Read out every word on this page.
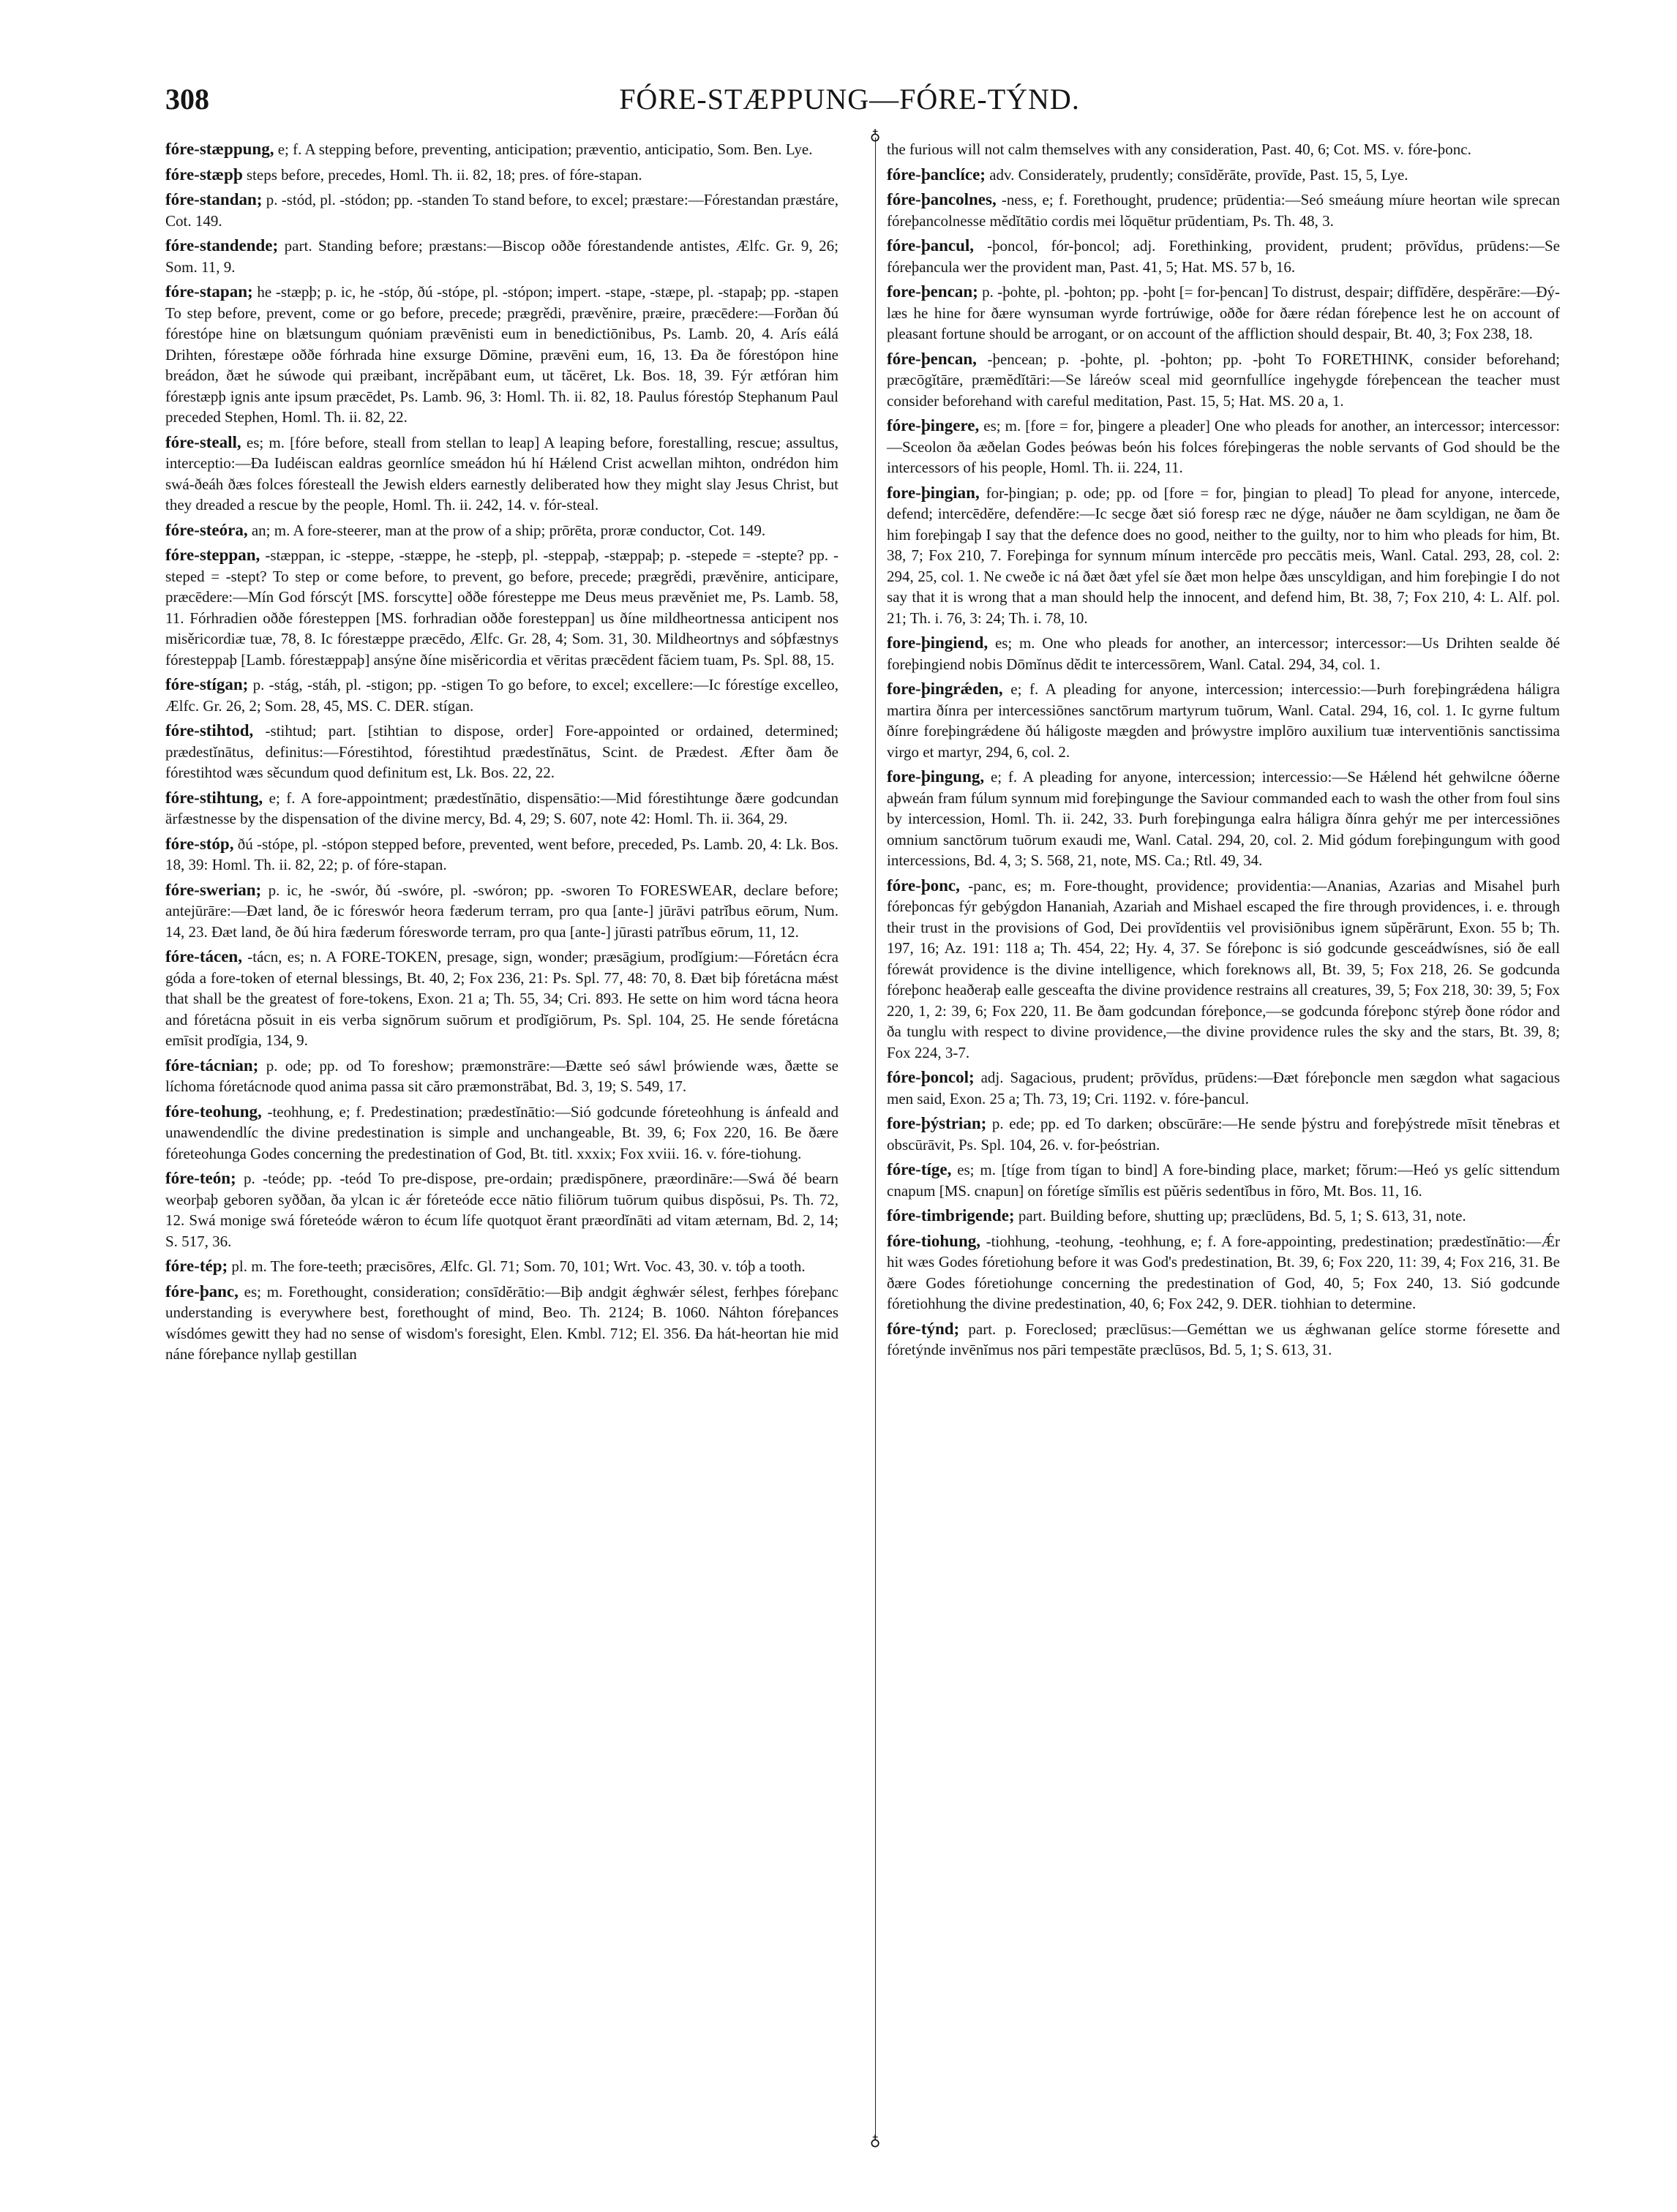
308	FÓRE-STÆPPUNG—FÓRE-TÝND.
♁
♁

fóre-stæppung, e; f. A stepping before, preventing, anticipation; præventio, anticipatio, Som. Ben. Lye.

fóre-stæpþ steps before, precedes, Homl. Th. ii. 82, 18; pres. of fóre-stapan.

fóre-standan; p. -stód, pl. -stódon; pp. -standen To stand before, to excel; præstare:—Fórestandan præstáre, Cot. 149.

fóre-standende; part. Standing before; præstans:—Biscop oððe fórestandende antistes, Ælfc. Gr. 9, 26; Som. 11, 9.

fóre-stapan; he -stæpþ; p. ic, he -stóp, ðú -stópe, pl. -stópon; impert. -stape, -stæpe, pl. -stapaþ; pp. -stapen To step before, prevent, come or go before, precede; prægrědi, prævěnire, præire, præcēdere:—Forðan ðú fórestópe hine on blætsungum quóniam prævēnisti eum in benedictiōnibus, Ps. Lamb. 20, 4. Arís eálá Drihten, fórestæpe oððe fórhrada hine exsurge Dōmine, prævēni eum, 16, 13. Ða ðe fórestópon hine breádon, ðæt he súwode qui præibant, incrěpābant eum, ut tăcēret, Lk. Bos. 18, 39. Fýr ætfóran him fórestæpþ ignis ante ipsum præcēdet, Ps. Lamb. 96, 3: Homl. Th. ii. 82, 18. Paulus fórestóp Stephanum Paul preceded Stephen, Homl. Th. ii. 82, 22.

fóre-steall, es; m. [fóre before, steall from stellan to leap] A leaping before, forestalling, rescue; assultus, interceptio:—Ða Iudéiscan ealdras geornlíce smeádon hú hí Hǽlend Crist acwellan mihton, ondrédon him swá-ðeáh ðæs folces fóresteall the Jewish elders earnestly deliberated how they might slay Jesus Christ, but they dreaded a rescue by the people, Homl. Th. ii. 242, 14. v. fór-steal.

fóre-steóra, an; m. A fore-steerer, man at the prow of a ship; prōrēta, proræ conductor, Cot. 149.

fóre-steppan, -stæppan, ic -steppe, -stæppe, he -stepþ, pl. -steppaþ, -stæppaþ; p. -stepede = -stepte? pp. -steped = -stept? To step or come before, to prevent, go before, precede; prægrědi, prævěnire, anticipare, præcēdere:—Mín God fórscýt [MS. forscytte] oððe fóresteppe me Deus meus prævěniet me, Ps. Lamb. 58, 11. Fórhradien oððe fóresteppen [MS. forhradian oððe foresteppan] us ðíne mildheortnessa anticipent nos misěricordiæ tuæ, 78, 8. Ic fórestæppe præcēdo, Ælfc. Gr. 28, 4; Som. 31, 30. Mildheortnys and sóþfæstnys fóresteppaþ [Lamb. fórestæppaþ] ansýne ðíne misěricordia et vēritas præcēdent făciem tuam, Ps. Spl. 88, 15.

fóre-stígan; p. -stág, -stáh, pl. -stigon; pp. -stigen To go before, to excel; excellere:—Ic fórestíge excelleo, Ælfc. Gr. 26, 2; Som. 28, 45, MS. C. DER. stígan.

fóre-stihtod, -stihtud; part. [stihtian to dispose, order] Fore-appointed or ordained, determined; prædestĭnātus, definitus:—Fórestihtod, fórestihtud prædestĭnātus, Scint. de Prædest. Æfter ðam ðe fórestihtod wæs sěcundum quod definitum est, Lk. Bos. 22, 22.

fóre-stihtung, e; f. A fore-appointment; prædestĭnātio, dispensātio:—Mid fórestihtunge ðære godcundan ärfæstnesse by the dispensation of the divine mercy, Bd. 4, 29; S. 607, note 42: Homl. Th. ii. 364, 29.

fóre-stóp, ðú -stópe, pl. -stópon stepped before, prevented, went before, preceded, Ps. Lamb. 20, 4: Lk. Bos. 18, 39: Homl. Th. ii. 82, 22; p. of fóre-stapan.

fóre-swerian; p. ic, he -swór, ðú -swóre, pl. -swóron; pp. -sworen To FORESWEAR, declare before; antejūrāre:—Ðæt land, ðe ic fóreswór heora fæderum terram, pro qua [ante-] jūrāvi patrĭbus eōrum, Num. 14, 23. Ðæt land, ðe ðú hira fæderum fóresworde terram, pro qua [ante-] jūrasti patrĭbus eōrum, 11, 12.

fóre-tácen, -tácn, es; n. A FORE-TOKEN, presage, sign, wonder; præsāgium, prodĭgium:—Fóretácn écra góda a fore-token of eternal blessings, Bt. 40, 2; Fox 236, 21: Ps. Spl. 77, 48: 70, 8. Ðæt biþ fóretácna mǽst that shall be the greatest of fore-tokens, Exon. 21 a; Th. 55, 34; Cri. 893. He sette on him word tácna heora and fóretácna pŏsuit in eis verba signōrum suōrum et prodĭgiōrum, Ps. Spl. 104, 25. He sende fóretácna emīsit prodĭgia, 134, 9.

fóre-tácnian; p. ode; pp. od To foreshow; præmonstrāre:—Ðætte seó sáwl þrówiende wæs, ðætte se líchoma fóretácnode quod anima passa sit căro præmonstrābat, Bd. 3, 19; S. 549, 17.

fóre-teohung, -teohhung, e; f. Predestination; prædestĭnātio:—Sió godcunde fóreteohhung is ánfeald and unawendendlíc the divine predestination is simple and unchangeable, Bt. 39, 6; Fox 220, 16. Be ðære fóreteohunga Godes concerning the predestination of God, Bt. titl. xxxix; Fox xviii. 16. v. fóre-tiohung.

fóre-teón; p. -teóde; pp. -teód To pre-dispose, pre-ordain; prædispōnere, præordināre:—Swá ðé bearn weorþaþ geboren syððan, ða ylcan ic ǽr fóreteóde ecce nātio filiōrum tuōrum quibus dispŏsui, Ps. Th. 72, 12. Swá monige swá fóreteóde wǽron to écum lífe quotquot ĕrant præordĭnāti ad vitam æternam, Bd. 2, 14; S. 517, 36.

fóre-tép; pl. m. The fore-teeth; præcisōres, Ælfc. Gl. 71; Som. 70, 101; Wrt. Voc. 43, 30. v. tóþ a tooth.

fóre-þanc, es; m. Forethought, consideration; consīdĕrātio:—Biþ andgit ǽghwǽr sélest, ferhþes fóreþanc understanding is everywhere best, forethought of mind, Beo. Th. 2124; B. 1060. Náhton fóreþances wísdómes gewitt they had no sense of wisdom's foresight, Elen. Kmbl. 712; El. 356. Ða hát-heortan hie mid náne fóreþance nyllaþ gestillan

the furious will not calm themselves with any consideration, Past. 40, 6; Cot. MS. v. fóre-þonc.

fóre-þanclíce; adv. Considerately, prudently; consīdĕrāte, provīde, Past. 15, 5, Lye.

fóre-þancolnes, -ness, e; f. Forethought, prudence; prūdentia:—Seó smeáung míure heortan wile sprecan fóreþancolnesse mĕdĭtātio cordis mei lŏquētur prūdentiam, Ps. Th. 48, 3.

fóre-þancul, -þoncol, fór-þoncol; adj. Forethinking, provident, prudent; prōvĭdus, prūdens:—Se fóreþancula wer the provident man, Past. 41, 5; Hat. MS. 57 b, 16.

fore-þencan; p. -þohte, pl. -þohton; pp. -þoht [= for-þencan] To distrust, despair; diffīdĕre, despĕrāre:—Ðý-læs he hine for ðære wynsuman wyrde fortrúwige, oððe for ðære rédan fóreþence lest he on account of pleasant fortune should be arrogant, or on account of the affliction should despair, Bt. 40, 3; Fox 238, 18.

fóre-þencan, -þencean; p. -þohte, pl. -þohton; pp. -þoht To FORETHINK, consider beforehand; præcōgĭtāre, præmĕdĭtāri:—Se láreów sceal mid geornfullíce ingehygde fóreþencean the teacher must consider beforehand with careful meditation, Past. 15, 5; Hat. MS. 20 a, 1.

fóre-þingere, es; m. [fore = for, þingere a pleader] One who pleads for another, an intercessor; intercessor:—Sceolon ða æðelan Godes þeówas beón his folces fóreþingeras the noble servants of God should be the intercessors of his people, Homl. Th. ii. 224, 11.

fore-þingian, for-þingian; p. ode; pp. od [fore = for, þingian to plead] To plead for anyone, intercede, defend; intercēdĕre, defendĕre:—Ic secge ðæt sió foresp ræc ne dýge, náuðer ne ðam scyldigan, ne ðam ðe him foreþingaþ I say that the defence does no good, neither to the guilty, nor to him who pleads for him, Bt. 38, 7; Fox 210, 7. Foreþinga for synnum mínum intercēde pro peccātis meis, Wanl. Catal. 293, 28, col. 2: 294, 25, col. 1. Ne cweðe ic ná ðæt ðæt yfel síe ðæt mon helpe ðæs unscyldigan, and him foreþingie I do not say that it is wrong that a man should help the innocent, and defend him, Bt. 38, 7; Fox 210, 4: L. Alf. pol. 21; Th. i. 76, 3: 24; Th. i. 78, 10.

fore-þingiend, es; m. One who pleads for another, an intercessor; intercessor:—Us Drihten sealde ðé foreþingiend nobis Dōmĭnus dĕdit te intercessōrem, Wanl. Catal. 294, 34, col. 1.

fore-þingrǽden, e; f. A pleading for anyone, intercession; intercessio:—Þurh foreþingrǽdena háligra martira ðínra per intercessiōnes sanctōrum martyrum tuōrum, Wanl. Catal. 294, 16, col. 1. Ic gyrne fultum ðínre foreþingrǽdene ðú háligoste mægden and þrówystre implōro auxilium tuæ interventiōnis sanctissima virgo et martyr, 294, 6, col. 2.

fore-þingung, e; f. A pleading for anyone, intercession; intercessio:—Se Hǽlend hét gehwilcne óðerne aþweán fram fúlum synnum mid foreþingunge the Saviour commanded each to wash the other from foul sins by intercession, Homl. Th. ii. 242, 33. Þurh foreþingunga ealra háligra ðínra gehýr me per intercessiōnes omnium sanctōrum tuōrum exaudi me, Wanl. Catal. 294, 20, col. 2. Mid gódum foreþingungum with good intercessions, Bd. 4, 3; S. 568, 21, note, MS. Ca.; Rtl. 49, 34.

fóre-þonc, -panc, es; m. Fore-thought, providence; providentia:—Ananias, Azarias and Misahel þurh fóreþoncas fýr gebýgdon Hananiah, Azariah and Mishael escaped the fire through providences, i. e. through their trust in the provisions of God, Dei provĭdentiis vel provisiōnibus ignem sŭpĕrārunt, Exon. 55 b; Th. 197, 16; Az. 191: 118 a; Th. 454, 22; Hy. 4, 37. Se fóreþonc is sió godcunde gesceádwísnes, sió ðe eall fórewát providence is the divine intelligence, which foreknows all, Bt. 39, 5; Fox 218, 26. Se godcunda fóreþonc heaðeraþ ealle gesceafta the divine providence restrains all creatures, 39, 5; Fox 218, 30: 39, 5; Fox 220, 1, 2: 39, 6; Fox 220, 11. Be ðam godcundan fóreþonce,—se godcunda fóreþonc stýreþ ðone ródor and ða tunglu with respect to divine providence,—the divine providence rules the sky and the stars, Bt. 39, 8; Fox 224, 3-7.

fóre-þoncol; adj. Sagacious, prudent; prōvĭdus, prūdens:—Ðæt fóreþoncle men sægdon what sagacious men said, Exon. 25 a; Th. 73, 19; Cri. 1192. v. fóre-þancul.

fore-þýstrian; p. ede; pp. ed To darken; obscūrāre:—He sende þýstru and foreþýstrede mīsit tĕnebras et obscūrāvit, Ps. Spl. 104, 26. v. for-þeóstrian.

fóre-tíge, es; m. [tíge from tígan to bind] A fore-binding place, market; fŏrum:—Heó ys gelíc sittendum cnapum [MS. cnapun] on fóretíge sĭmĭlis est pŭĕris sedentĭbus in fŏro, Mt. Bos. 11, 16.

fóre-timbrigende; part. Building before, shutting up; præclūdens, Bd. 5, 1; S. 613, 31, note.

fóre-tiohung, -tiohhung, -teohung, -teohhung, e; f. A fore-appointing, predestination; prædestĭnātio:—Ǽr hit wæs Godes fóretiohung before it was God's predestination, Bt. 39, 6; Fox 220, 11: 39, 4; Fox 216, 31. Be ðære Godes fóretiohunge concerning the predestination of God, 40, 5; Fox 240, 13. Sió godcunde fóretiohhung the divine predestination, 40, 6; Fox 242, 9. DER. tiohhian to determine.

fóre-týnd; part. p. Foreclosed; præclūsus:—Geméttan we us ǽghwanan gelíce storme fóresette and fóretýnde invēnĭmus nos pāri tempestāte præclūsos, Bd. 5, 1; S. 613, 31.
